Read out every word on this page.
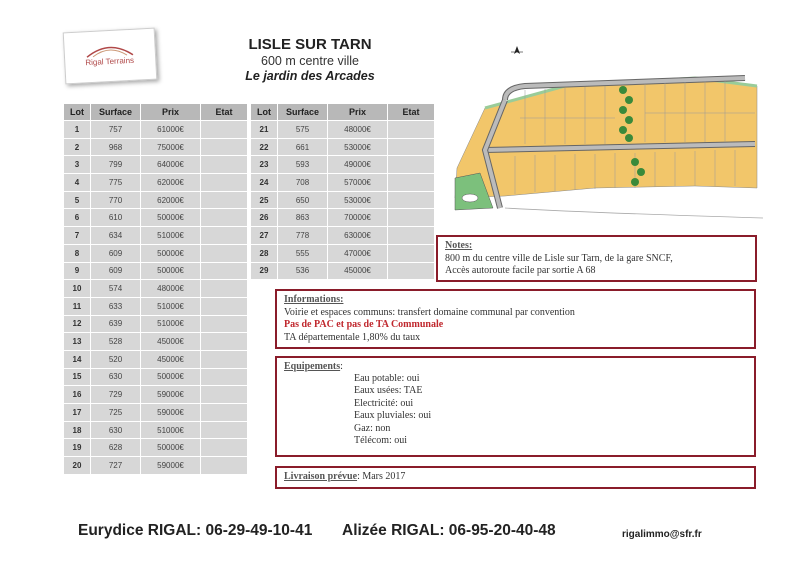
Rigal Terrains
LISLE SUR TARN
600 m centre ville
Le jardin des Arcades
Lot	Surface	Prix	Etat
1	757	61000€	
2	968	75000€	
3	799	64000€	
4	775	62000€	
5	770	62000€	
6	610	50000€	
7	634	51000€	
8	609	50000€	
9	609	50000€	
10	574	48000€	
11	633	51000€	
12	639	51000€	
13	528	45000€	
14	520	45000€	
15	630	50000€	
16	729	59000€	
17	725	59000€	
18	630	51000€	
19	628	50000€	
20	727	59000€	
Lot	Surface	Prix	Etat
21	575	48000€	
22	661	53000€	
23	593	49000€	
24	708	57000€	
25	650	53000€	
26	863	70000€	
27	778	63000€	
28	555	47000€	
29	536	45000€	
Notes:
800 m du centre ville de Lisle sur Tarn, de la gare SNCF,
Accès autoroute facile par sortie A 68
Informations:
Voirie et espaces communs: transfert domaine communal par convention
Pas de PAC et pas de TA Communale
TA départementale 1,80% du taux
Equipements:
Eau potable: oui
Eaux usées: TAE
Electricité: oui
Eaux pluviales: oui
Gaz: non
Télécom: oui
Livraison prévue: Mars 2017
Eurydice RIGAL: 06-29-49-10-41 Alizée RIGAL: 06-95-20-40-48	rigalimmo@sfr.fr
